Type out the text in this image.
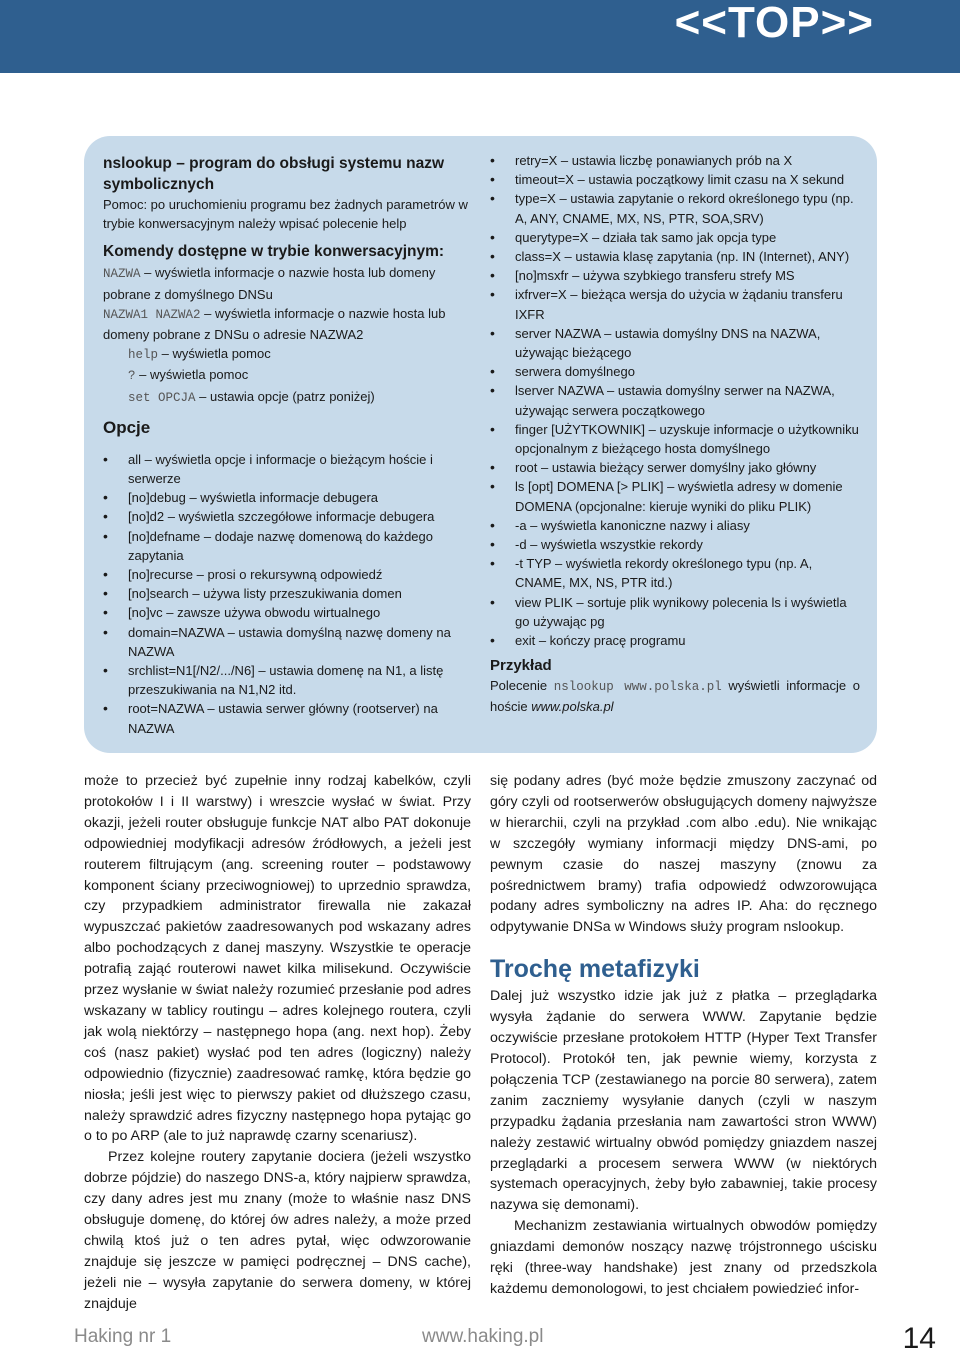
<<TOP>>
nslookup – program do obsługi systemu nazw symbolicznych
Pomoc: po uruchomieniu programu bez żadnych parametrów w trybie konwersacyjnym należy wpisać polecenie help
Komendy dostępne w trybie konwersacyjnym:
NAZWA – wyświetla informacje o nazwie hosta lub domeny pobrane z domyślnego DNSu
NAZWA1 NAZWA2 – wyświetla informacje o nazwie hosta lub domeny pobrane z DNSu o adresie NAZWA2
help – wyświetla pomoc
? – wyświetla pomoc
set OPCJA – ustawia opcje (patrz poniżej)
Opcje
• all – wyświetla opcje i informacje o bieżącym hoście i serwerze
• [no]debug – wyświetla informacje debugera
• [no]d2 – wyświetla szczegółowe informacje debugera
• [no]defname – dodaje nazwę domenową do każdego zapytania
• [no]recurse – prosi o rekursywną odpowiedź
• [no]search – używa listy przeszukiwania domen
• [no]vc – zawsze używa obwodu wirtualnego
• domain=NAZWA – ustawia domyślną nazwę domeny na NAZWA
• srchlist=N1[/N2/.../N6] – ustawia domenę na N1, a listę przeszukiwania na N1,N2 itd.
• root=NAZWA – ustawia serwer główny (rootserver) na NAZWA
• retry=X – ustawia liczbę ponawianych prób na X
• timeout=X – ustawia początkowy limit czasu na X sekund
• type=X – ustawia zapytanie o rekord określonego typu (np. A, ANY, CNAME, MX, NS, PTR, SOA,SRV)
• querytype=X – działa tak samo jak opcja type
• class=X – ustawia klasę zapytania (np. IN (Internet), ANY)
• [no]msxfr – używa szybkiego transferu strefy MS
• ixfrver=X – bieżąca wersja do użycia w żądaniu transferu IXFR
• server NAZWA – ustawia domyślny DNS na NAZWA, używając bieżącego
• serwera domyślnego
• lserver NAZWA – ustawia domyślny serwer na NAZWA, używając serwera początkowego
• finger [UŻYTKOWNIK] – uzyskuje informacje o użytkowniku opcjonalnym z bieżącego hosta domyślnego
• root – ustawia bieżący serwer domyślny jako główny
• ls [opt] DOMENA [> PLIK] – wyświetla adresy w domenie DOMENA (opcjonalne: kieruje wyniki do pliku PLIK)
• -a – wyświetla kanoniczne nazwy i aliasy
• -d – wyświetla wszystkie rekordy
• -t TYP – wyświetla rekordy określonego typu (np. A, CNAME, MX, NS, PTR itd.)
• view PLIK – sortuje plik wynikowy polecenia ls i wyświetla go używając pg
• exit – kończy pracę programu
Przykład
Polecenie nslookup www.polska.pl wyświetli informacje o hoście www.polska.pl

może to przecież być zupełnie inny rodzaj kabelków, czyli protokołów I i II warstwy) i wreszcie wysłać w świat. Przy okazji, jeżeli router obsługuje funkcje NAT albo PAT dokonuje odpowiedniej modyfikacji adresów źródłowych, a jeżeli jest routerem filtrującym (ang. screening router – podstawowy komponent ściany przeciwogniowej) to uprzednio sprawdza, czy przypadkiem administrator firewalla nie zakazał wypuszczać pakietów zaadresowanych pod wskazany adres albo pochodzących z danej maszyny. Wszystkie te operacje potrafią zająć routerowi nawet kilka milisekund. Oczywiście przez wysłanie w świat należy rozumieć przesłanie pod adres wskazany w tablicy routingu – adres kolejnego routera, czyli jak wolą niektórzy – następnego hopa (ang. next hop). Żeby coś (nasz pakiet) wysłać pod ten adres (logiczny) należy odpowiednio (fizycznie) zaadresować ramkę, która będzie go niosła; jeśli jest więc to pierwszy pakiet od dłuższego czasu, należy sprawdzić adres fizyczny następnego hopa pytając go o to po ARP (ale to już naprawdę czarny scenariusz).

Przez kolejne routery zapytanie dociera (jeżeli wszystko dobrze pójdzie) do naszego DNS-a, który najpierw sprawdza, czy dany adres jest mu znany (może to właśnie nasz DNS obsługuje domenę, do której ów adres należy, a może przed chwilą ktoś już o ten adres pytał, więc odwzorowanie znajduje się jeszcze w pamięci podręcznej – DNS cache), jeżeli nie – wysyła zapytanie do serwera domeny, w której znajduje

się podany adres (być może będzie zmuszony zaczynać od góry czyli od rootserwerów obsługujących domeny najwyższe w hierarchii, czyli na przykład .com albo .edu). Nie wnikając w szczegóły wymiany informacji między DNS-ami, po pewnym czasie do naszej maszyny (znowu za pośrednictwem bramy) trafia odpowiedź odwzorowująca podany adres symboliczny na adres IP. Aha: do ręcznego odpytywanie DNSa w Windows służy program nslookup.

Trochę metafizyki

Dalej już wszystko idzie jak już z płatka – przeglądarka wysyła żądanie do serwera WWW. Zapytanie będzie oczywiście przesłane protokołem HTTP (Hyper Text Transfer Protocol). Protokół ten, jak pewnie wiemy, korzysta z połączenia TCP (zestawianego na porcie 80 serwera), zatem zanim zaczniemy wysyłanie danych (czyli w naszym przypadku żądania przesłania nam zawartości stron WWW) należy zestawić wirtualny obwód pomiędzy gniazdem naszej przeglądarki a procesem serwera WWW (w niektórych systemach operacyjnych, żeby było zabawniej, takie procesy nazywa się demonami).

Mechanizm zestawiania wirtualnych obwodów pomiędzy gniazdami demonów noszący nazwę trójstronnego uścisku ręki (three-way handshake) jest znany od przedszkola każdemu demonologowi, to jest chciałem powiedzieć infor-

Haking nr 1	www.haking.pl	14
